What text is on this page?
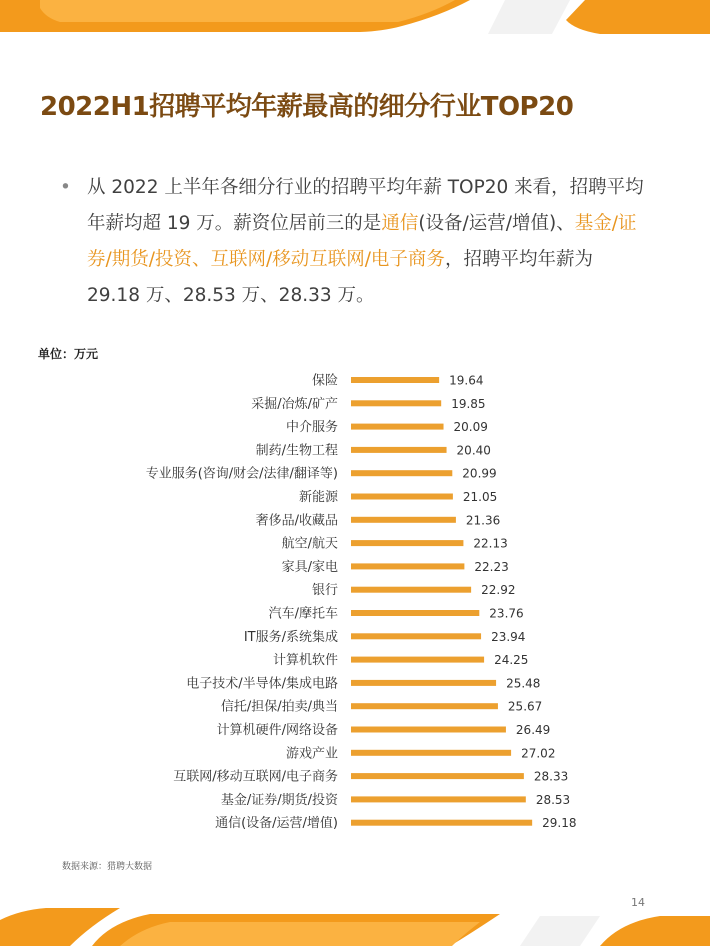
2022H1招聘平均年薪最高的细分行业TOP20
• 从 2022 上半年各细分行业的招聘平均年薪 TOP20 来看，招聘平均年薪均超 19 万。薪资位居前三的是通信(设备/运营/增值)、基金/证券/期货/投资、互联网/移动互联网/电子商务，招聘平均年薪为 29.18 万、28.53 万、28.33 万。
单位：万元
保险	19.64
采掘/冶炼/矿产	19.85
中介服务	20.09
制药/生物工程	20.40
专业服务(咨询/财会/法律/翻译等)	20.99
新能源	21.05
奢侈品/收藏品	21.36
航空/航天	22.13
家具/家电	22.23
银行	22.92
汽车/摩托车	23.76
IT服务/系统集成	23.94
计算机软件	24.25
电子技术/半导体/集成电路	25.48
信托/担保/拍卖/典当	25.67
计算机硬件/网络设备	26.49
游戏产业	27.02
互联网/移动互联网/电子商务	28.33
基金/证券/期货/投资	28.53
通信(设备/运营/增值)	29.18
数据来源：猎聘大数据
14
